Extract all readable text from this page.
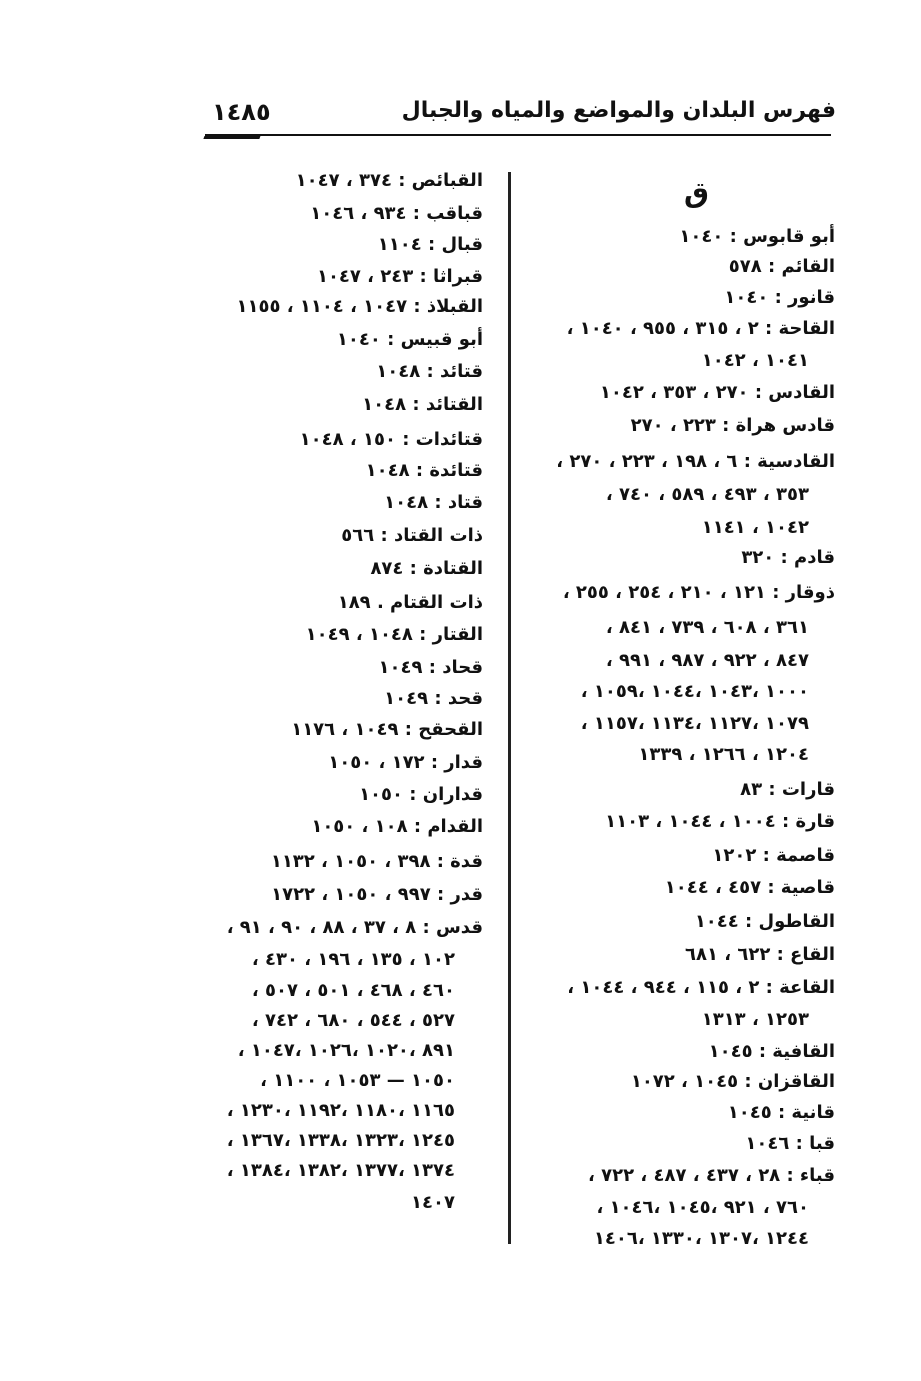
١٤٨٥	فهرس البلدان والمواضع والمياه والجبال
ق
أبو قابوس : ١٠٤٠
القائم : ٥٧٨
قانور : ١٠٤٠
القاحة : ٢ ، ٣١٥ ، ٩٥٥ ، ١٠٤٠ ،
١٠٤١ ، ١٠٤٢
القادس : ٢٧٠ ، ٣٥٣ ، ١٠٤٢
قادس هراة : ٢٢٣ ، ٢٧٠
القادسية : ٦ ، ١٩٨ ، ٢٢٣ ، ٢٧٠ ،
٣٥٣ ، ٤٩٣ ، ٥٨٩ ، ٧٤٠ ،
١٠٤٢ ، ١١٤١
قادم : ٣٢٠
ذوقار : ١٢١ ، ٢١٠ ، ٢٥٤ ، ٢٥٥ ،
٣٦١ ، ٦٠٨ ، ٧٣٩ ، ٨٤١ ،
٨٤٧ ، ٩٢٢ ، ٩٨٧ ، ٩٩١ ،
١٠٠٠ ،١٠٤٣ ،١٠٤٤ ،١٠٥٩ ،
١٠٧٩ ،١١٢٧ ،١١٣٤ ،١١٥٧ ،
١٢٠٤ ، ١٢٦٦ ، ١٣٣٩
قارات : ٨٣
قارة : ١٠٠٤ ، ١٠٤٤ ، ١١٠٣
قاصمة : ١٢٠٢
قاصية : ٤٥٧ ، ١٠٤٤
القاطول : ١٠٤٤
القاع : ٦٢٢ ، ٦٨١
القاعة : ٢ ، ١١٥ ، ٩٤٤ ، ١٠٤٤ ،
١٢٥٣ ، ١٣١٣
القافية : ١٠٤٥
القاقزان : ١٠٤٥ ، ١٠٧٢
قانية : ١٠٤٥
قبا : ١٠٤٦
قباء : ٢٨ ، ٤٣٧ ، ٤٨٧ ، ٧٢٢ ،
٧٦٠ ، ٩٢١ ،١٠٤٥ ،١٠٤٦ ،
١٢٤٤ ،١٣٠٧ ،١٣٣٠ ،١٤٠٦
القبائص : ٣٧٤ ، ١٠٤٧
قباقب : ٩٣٤ ، ١٠٤٦
قبال : ١١٠٤
قبراثا : ٢٤٣ ، ١٠٤٧
القبلاذ : ١٠٤٧ ، ١١٠٤ ، ١١٥٥
أبو قبيس : ١٠٤٠
قتائد : ١٠٤٨
القتائد : ١٠٤٨
قتائدات : ١٥٠ ، ١٠٤٨
قتائدة : ١٠٤٨
قتاد : ١٠٤٨
ذات القتاد : ٥٦٦
القتادة : ٨٧٤
ذات القتام . ١٨٩
القتار : ١٠٤٨ ، ١٠٤٩
قحاد : ١٠٤٩
قحد : ١٠٤٩
القحقح : ١٠٤٩ ، ١١٧٦
قدار : ١٧٢ ، ١٠٥٠
قداران : ١٠٥٠
القدام : ١٠٨ ، ١٠٥٠
قدة : ٣٩٨ ، ١٠٥٠ ، ١١٣٢
قدر : ٩٩٧ ، ١٠٥٠ ، ١٧٢٢
قدس : ٨ ، ٣٧ ، ٨٨ ، ٩٠ ، ٩١ ،
١٠٢ ، ١٣٥ ، ١٩٦ ، ٤٣٠ ،
٤٦٠ ، ٤٦٨ ، ٥٠١ ، ٥٠٧ ،
٥٢٧ ، ٥٤٤ ، ٦٨٠ ، ٧٤٢ ،
٨٩١ ،١٠٢٠ ،١٠٢٦ ،١٠٤٧ ،
١٠٥٠ — ١٠٥٣ ، ١١٠٠ ،
١١٦٥ ،١١٨٠ ،١١٩٢ ،١٢٣٠ ،
١٢٤٥ ،١٣٢٣ ،١٣٣٨ ،١٣٦٧ ،
١٣٧٤ ،١٣٧٧ ،١٣٨٢ ،١٣٨٤ ،
١٤٠٧
